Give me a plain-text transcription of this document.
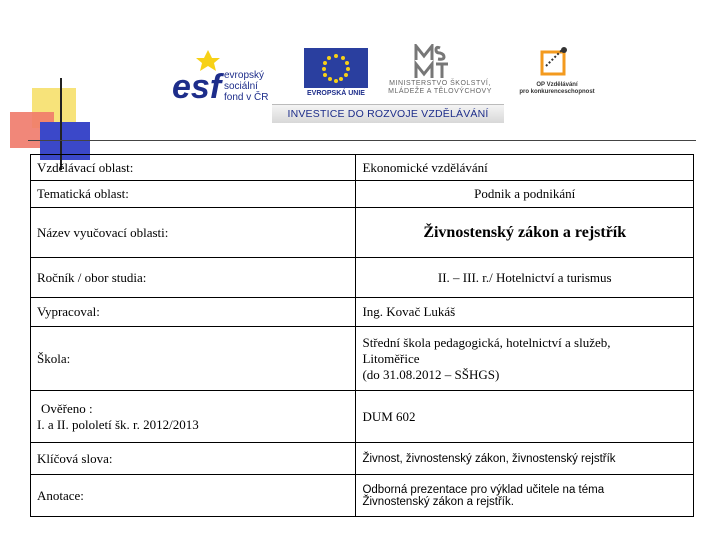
esf evropský
sociální
fond v ČR	EVROPSKÁ UNIE
MINISTERSTVO ŠKOLSTVÍ,
MLÁDEŽE A TĚLOVÝCHOVY
OP Vzdělávání
pro konkurenceschopnost
INVESTICE DO ROZVOJE VZDĚLÁVÁNÍ
Vzdělávací oblast:	Ekonomické vzdělávání
Tematická oblast:	Podnik a podnikání
Název vyučovací oblasti:	Živnostenský zákon a rejstřík
Ročník / obor studia:	II. – III. r./ Hotelnictví a turismus
Vypracoval:	Ing. Kovač Lukáš
Škola:	Střední škola pedagogická, hotelnictví a služeb,
Litoměřice
(do 31.08.2012 – SŠHGS)

Ověřeno :
I. a II. pololetí šk. r. 2012/2013	DUM 602
Klíčová slova:	Živnost, živnostenský zákon, živnostenský rejstřík
Anotace:	Odborná prezentace pro výklad učitele na téma
Živnostenský zákon a rejstřík.
